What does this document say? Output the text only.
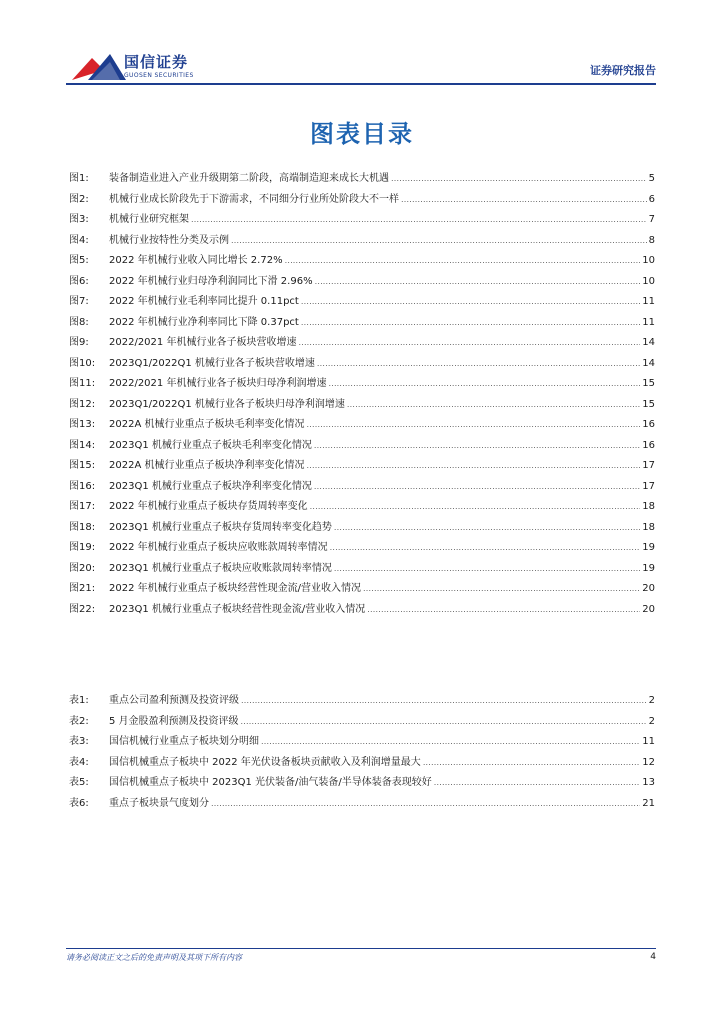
国信证券
GUOSEN SECURITIES	证券研究报告
图表目录
图1:	装备制造业进入产业升级期第二阶段，高端制造迎来成长大机遇 .....	5
图2:	机械行业成长阶段先于下游需求，不同细分行业所处阶段大不一样 .....	6
图3:	机械行业研究框架 .....	7
图4:	机械行业按特性分类及示例 .....	8
图5:	2022 年机械行业收入同比增长 2.72% .....	10
图6:	2022 年机械行业归母净利润同比下滑 2.96% .....	10
图7:	2022 年机械行业毛利率同比提升 0.11pct .....	11
图8:	2022 年机械行业净利率同比下降 0.37pct .....	11
图9:	2022/2021 年机械行业各子板块营收增速 .....	14
图10:	2023Q1/2022Q1 机械行业各子板块营收增速 .....	14
图11:	2022/2021 年机械行业各子板块归母净利润增速 .....	15
图12:	2023Q1/2022Q1 机械行业各子板块归母净利润增速 .....	15
图13:	2022A 机械行业重点子板块毛利率变化情况 .....	16
图14:	2023Q1 机械行业重点子板块毛利率变化情况 .....	16
图15:	2022A 机械行业重点子板块净利率变化情况 .....	17
图16:	2023Q1 机械行业重点子板块净利率变化情况 .....	17
图17:	2022 年机械行业重点子板块存货周转率变化 .....	18
图18:	2023Q1 机械行业重点子板块存货周转率变化趋势 .....	18
图19:	2022 年机械行业重点子板块应收账款周转率情况 .....	19
图20:	2023Q1 机械行业重点子板块应收账款周转率情况 .....	19
图21:	2022 年机械行业重点子板块经营性现金流/营业收入情况 .....	20
图22:	2023Q1 机械行业重点子板块经营性现金流/营业收入情况 .....	20
表1:	重点公司盈利预测及投资评级 .....	2
表2:	5 月金股盈利预测及投资评级 .....	2
表3:	国信机械行业重点子板块划分明细 .....	11
表4:	国信机械重点子板块中 2022 年光伏设备板块贡献收入及利润增量最大 .....	12
表5:	国信机械重点子板块中 2023Q1 光伏装备/油气装备/半导体装备表现较好 .....	13
表6:	重点子板块景气度划分 .....	21
请务必阅读正文之后的免责声明及其项下所有内容	4
